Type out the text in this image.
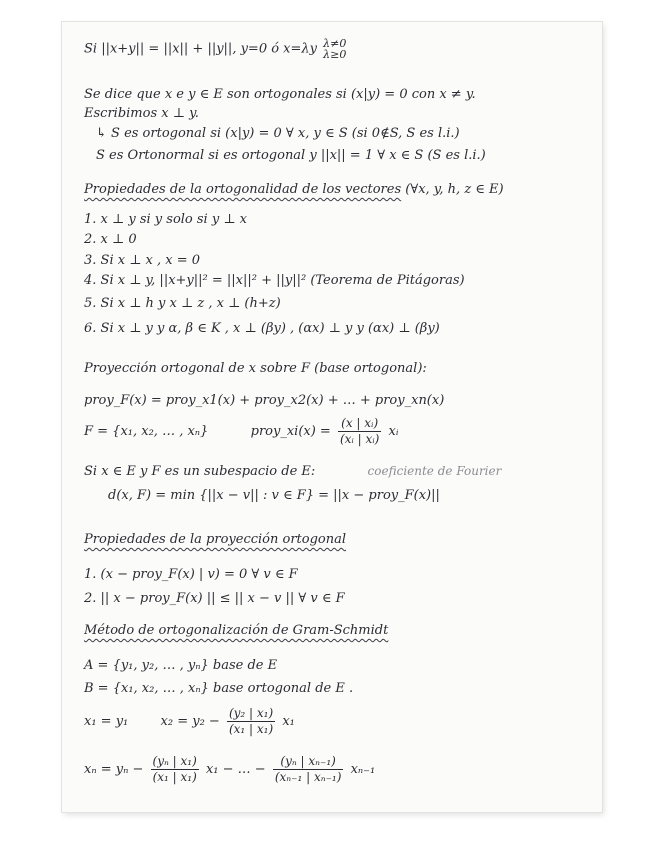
Si ||x+y|| = ||x|| + ||y||, y=0 ó x=λy λ≠0
λ≥0
Se dice que x e y ∈ E son ortogonales si (x|y) = 0 con x ≠ y.
Escribimos x ⊥ y.
↳ S es ortogonal si (x|y) = 0 ∀ x, y ∈ S (si 0∉S, S es l.i.)
S es Ortonormal si es ortogonal y ||x|| = 1 ∀ x ∈ S (S es l.i.)
Propiedades de la ortogonalidad de los vectores (∀x, y, h, z ∈ E)
1. x ⊥ y si y solo si y ⊥ x
2. x ⊥ 0
3. Si x ⊥ x , x = 0
4. Si x ⊥ y, ||x+y||² = ||x||² + ||y||² (Teorema de Pitágoras)
5. Si x ⊥ h y x ⊥ z , x ⊥ (h+z)
6. Si x ⊥ y y α, β ∈ K , x ⊥ (βy) , (αx) ⊥ y y (αx) ⊥ (βy)
Proyección ortogonal de x sobre F (base ortogonal):
proy_F(x) = proy_x1(x) + proy_x2(x) + … + proy_xn(x)
F = {x₁, x₂, … , xₙ}	proy_xi(x) = $\frac{\text{(x | xᵢ)}}{\text{(xᵢ | xᵢ)}}$ xᵢ
Si x ∈ E y F es un subespacio de E:	coeficiente de Fourier
d(x, F) = min {||x − v|| : v ∈ F} = ||x − proy_F(x)||
Propiedades de la proyección ortogonal
1. (x − proy_F(x) | v) = 0 ∀ v ∈ F
2. || x − proy_F(x) || ≤ || x − v || ∀ v ∈ F
Método de ortogonalización de Gram-Schmidt
A = {y₁, y₂, … , yₙ} base de E
B = {x₁, x₂, … , xₙ} base ortogonal de E .
x₁ = y₁ $x_2 = y_2 - \frac{\text{(y₂ | x₁)}}{\text{(x₁ | x₁)}} x_1$
$x_n = y_n - \frac{\text{(yₙ | x₁)}}{\text{(x₁ | x₁)}} x_1$ − … − $\frac{\text{(yₙ | xₙ₋₁)}}{\text{(xₙ₋₁ | xₙ₋₁)}} x_{n-1}$
